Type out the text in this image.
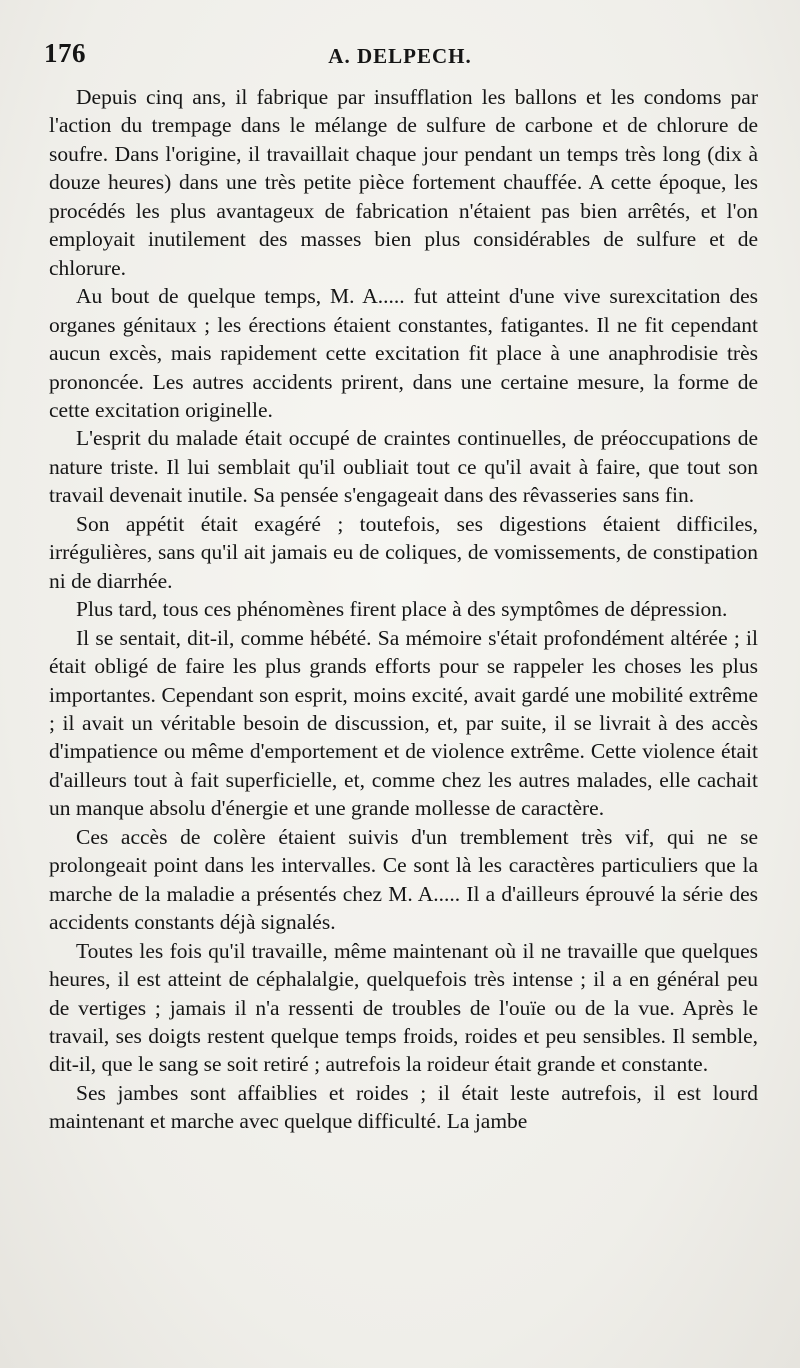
176	A. DELPECH.

Depuis cinq ans, il fabrique par insufflation les ballons et les condoms par l'action du trempage dans le mélange de sulfure de carbone et de chlorure de soufre. Dans l'origine, il travaillait chaque jour pendant un temps très long (dix à douze heures) dans une très petite pièce fortement chauffée. A cette époque, les procédés les plus avantageux de fabrication n'étaient pas bien arrêtés, et l'on employait inutilement des masses bien plus considérables de sulfure et de chlorure.

Au bout de quelque temps, M. A..... fut atteint d'une vive surexcitation des organes génitaux ; les érections étaient constantes, fatigantes. Il ne fit cependant aucun excès, mais rapidement cette excitation fit place à une anaphrodisie très prononcée. Les autres accidents prirent, dans une certaine mesure, la forme de cette excitation originelle.

L'esprit du malade était occupé de craintes continuelles, de préoccupations de nature triste. Il lui semblait qu'il oubliait tout ce qu'il avait à faire, que tout son travail devenait inutile. Sa pensée s'engageait dans des rêvasseries sans fin.

Son appétit était exagéré ; toutefois, ses digestions étaient difficiles, irrégulières, sans qu'il ait jamais eu de coliques, de vomissements, de constipation ni de diarrhée.

Plus tard, tous ces phénomènes firent place à des symptômes de dépression.

Il se sentait, dit-il, comme hébété. Sa mémoire s'était profondément altérée ; il était obligé de faire les plus grands efforts pour se rappeler les choses les plus importantes. Cependant son esprit, moins excité, avait gardé une mobilité extrême ; il avait un véritable besoin de discussion, et, par suite, il se livrait à des accès d'impatience ou même d'emportement et de violence extrême. Cette violence était d'ailleurs tout à fait superficielle, et, comme chez les autres malades, elle cachait un manque absolu d'énergie et une grande mollesse de caractère.

Ces accès de colère étaient suivis d'un tremblement très vif, qui ne se prolongeait point dans les intervalles. Ce sont là les caractères particuliers que la marche de la maladie a présentés chez M. A..... Il a d'ailleurs éprouvé la série des accidents constants déjà signalés.

Toutes les fois qu'il travaille, même maintenant où il ne travaille que quelques heures, il est atteint de céphalalgie, quelquefois très intense ; il a en général peu de vertiges ; jamais il n'a ressenti de troubles de l'ouïe ou de la vue. Après le travail, ses doigts restent quelque temps froids, roides et peu sensibles. Il semble, dit-il, que le sang se soit retiré ; autrefois la roideur était grande et constante.

Ses jambes sont affaiblies et roides ; il était leste autrefois, il est lourd maintenant et marche avec quelque difficulté. La jambe
